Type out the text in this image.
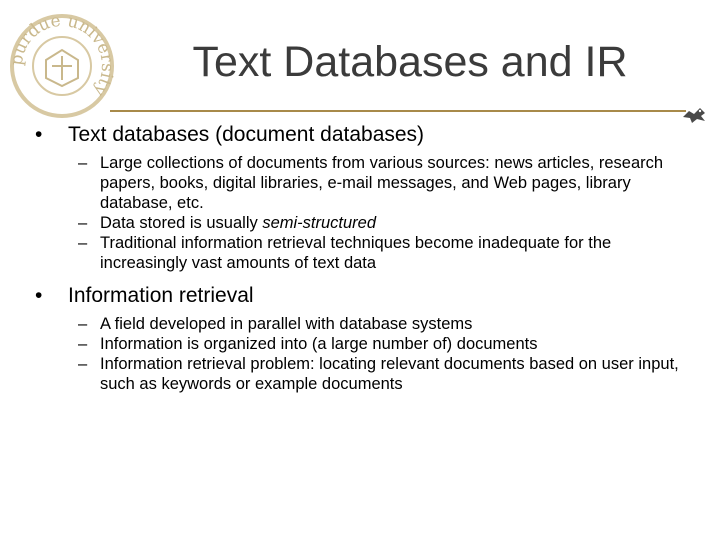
purdue university
Text Databases and IR
• Text databases (document databases)
– Large collections of documents from various sources: news articles, research papers, books, digital libraries, e-mail messages, and Web pages, library database, etc.
– Data stored is usually semi-structured
– Traditional information retrieval techniques become inadequate for the increasingly vast amounts of text data
• Information retrieval
– A field developed in parallel with database systems
– Information is organized into (a large number of) documents
– Information retrieval problem: locating relevant documents based on user input, such as keywords or example documents
